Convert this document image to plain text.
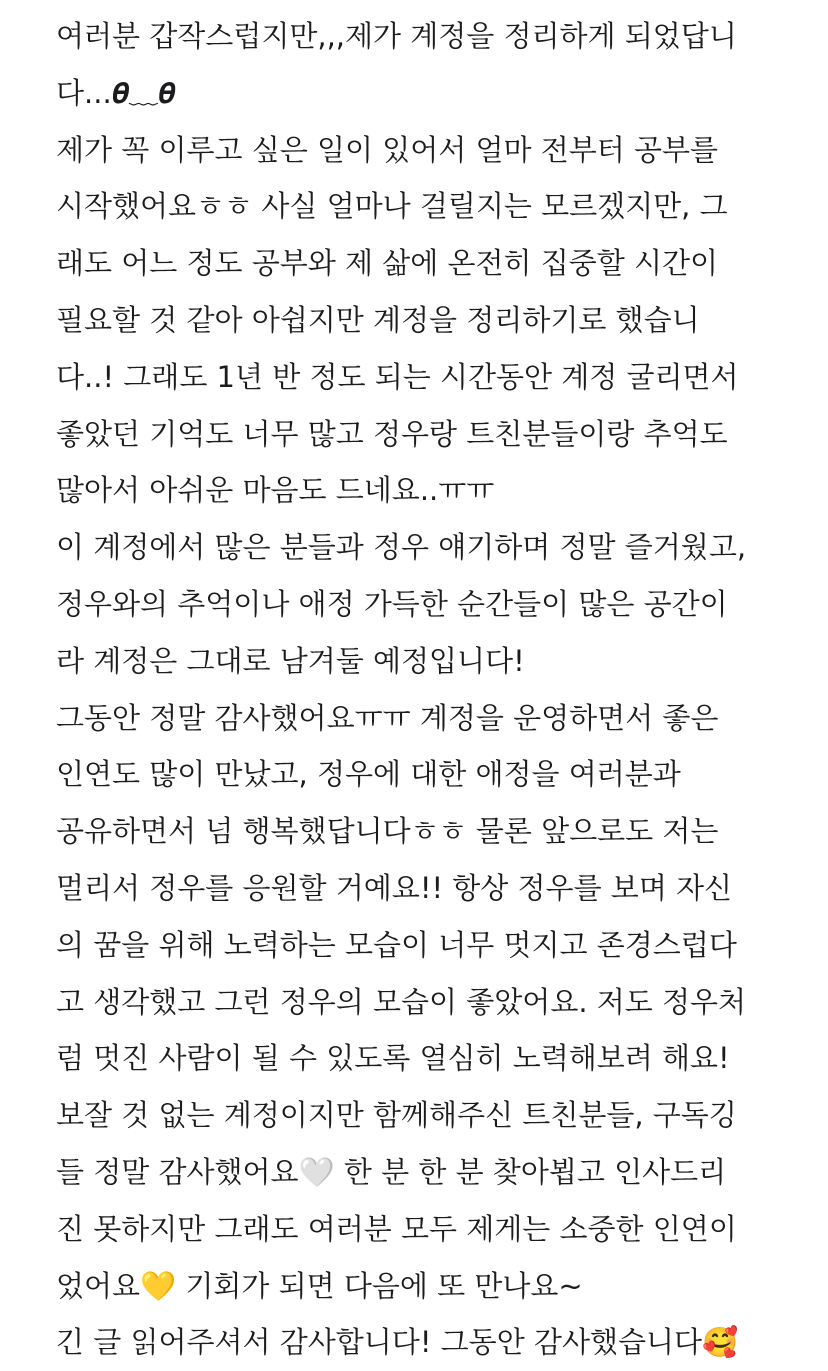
여러분 갑작스럽지만,,,제가 계정을 정리하게 되었답니
다...𝜽﹏𝜽
제가 꼭 이루고 싶은 일이 있어서 얼마 전부터 공부를
시작했어요ㅎㅎ 사실 얼마나 걸릴지는 모르겠지만, 그
래도 어느 정도 공부와 제 삶에 온전히 집중할 시간이
필요할 것 같아 아쉽지만 계정을 정리하기로 했습니
다..! 그래도 1년 반 정도 되는 시간동안 계정 굴리면서
좋았던 기억도 너무 많고 정우랑 트친분들이랑 추억도
많아서 아쉬운 마음도 드네요..ㅠㅠ
이 계정에서 많은 분들과 정우 얘기하며 정말 즐거웠고,
정우와의 추억이나 애정 가득한 순간들이 많은 공간이
라 계정은 그대로 남겨둘 예정입니다!
그동안 정말 감사했어요ㅠㅠ 계정을 운영하면서 좋은
인연도 많이 만났고, 정우에 대한 애정을 여러분과
공유하면서 넘 행복했답니다ㅎㅎ 물론 앞으로도 저는
멀리서 정우를 응원할 거예요!! 항상 정우를 보며 자신
의 꿈을 위해 노력하는 모습이 너무 멋지고 존경스럽다
고 생각했고 그런 정우의 모습이 좋았어요. 저도 정우처
럼 멋진 사람이 될 수 있도록 열심히 노력해보려 해요!
보잘 것 없는 계정이지만 함께해주신 트친분들, 구독깅
들 정말 감사했어요🤍 한 분 한 분 찾아뵙고 인사드리
진 못하지만 그래도 여러분 모두 제게는 소중한 인연이
었어요💛 기회가 되면 다음에 또 만나요~
긴 글 읽어주셔서 감사합니다! 그동안 감사했습니다🥰
